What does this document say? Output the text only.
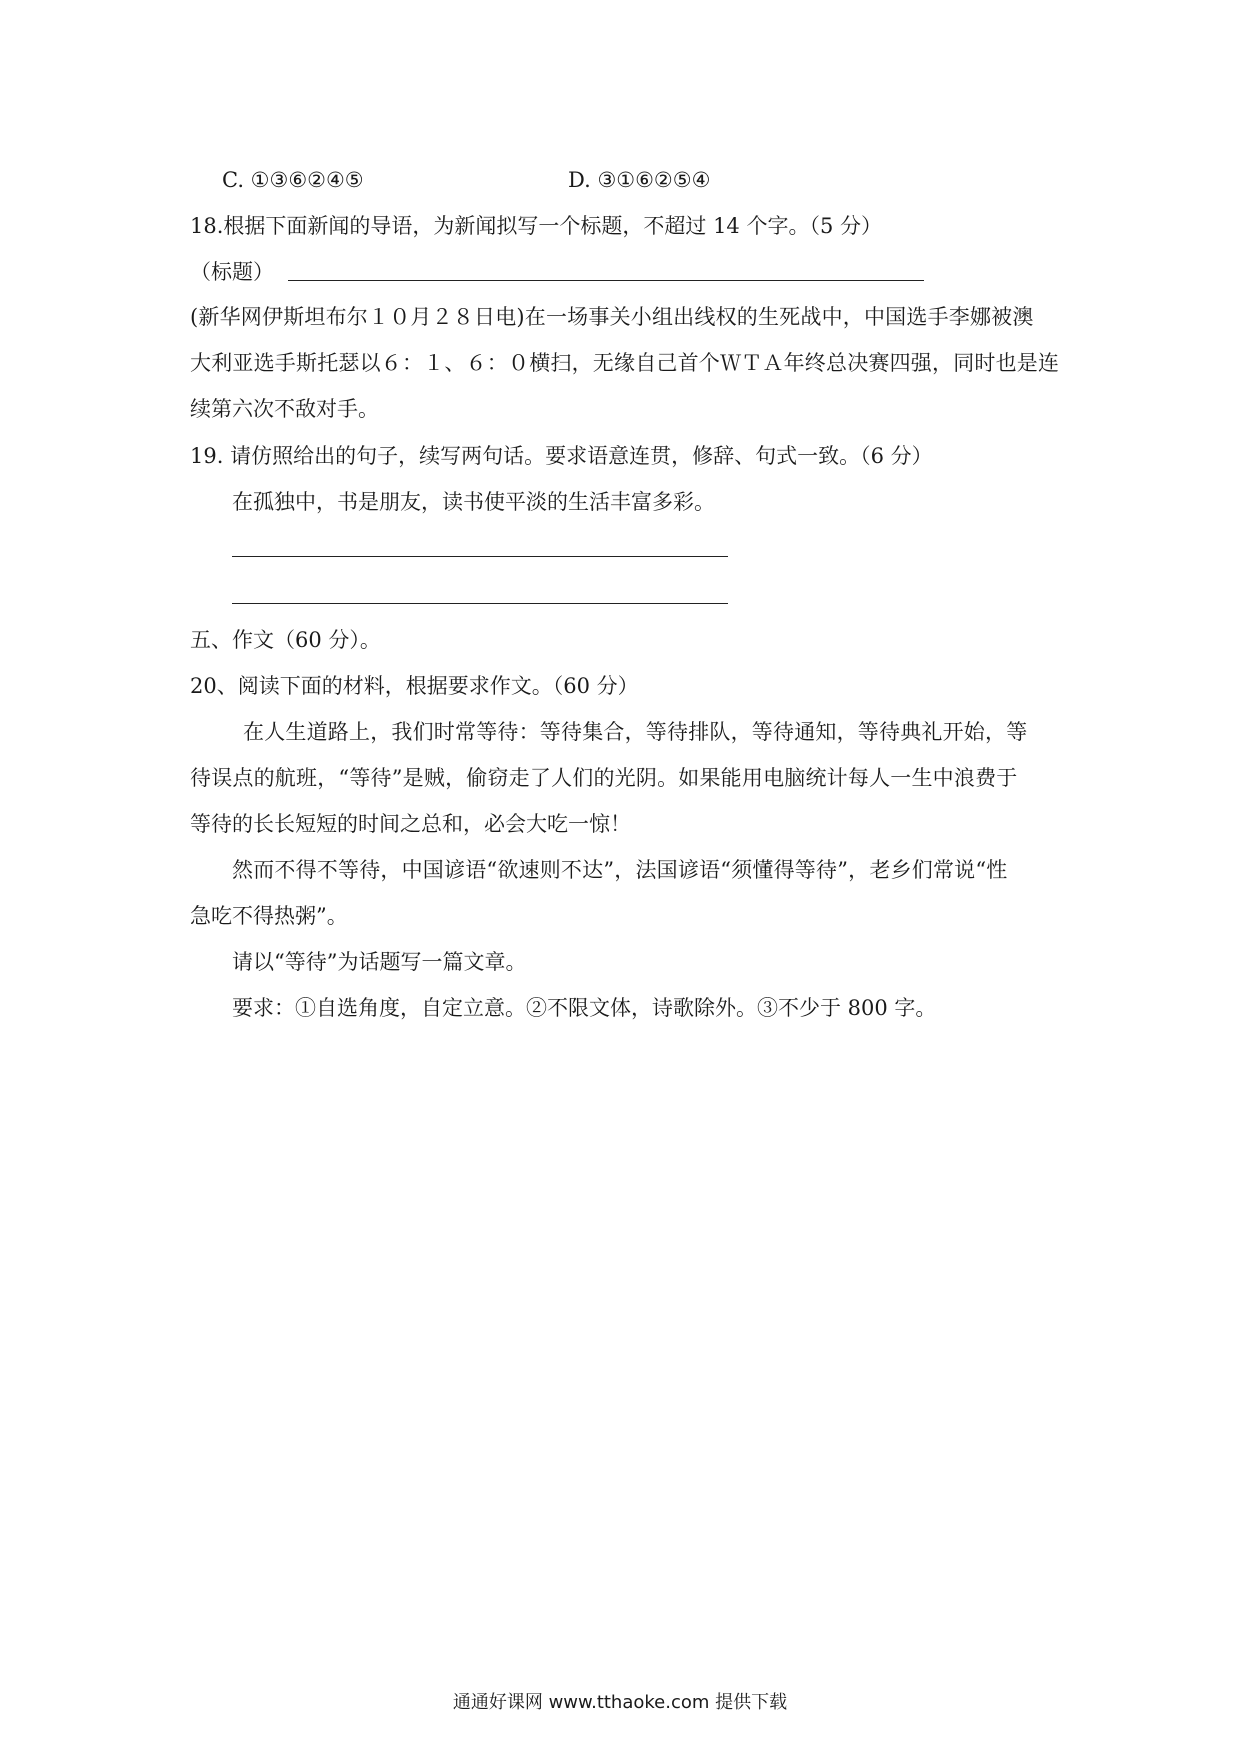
C. ①③⑥②④⑤	D. ③①⑥②⑤④
18.根据下面新闻的导语，为新闻拟写一个标题，不超过 14 个字。（5 分）
（标题）
(新华网伊斯坦布尔１０月２８日电)在一场事关小组出线权的生死战中，中国选手李娜被澳
大利亚选手斯托瑟以６：１、６：０横扫，无缘自己首个ＷＴＡ年终总决赛四强，同时也是连
续第六次不敌对手。
19. 请仿照给出的句子，续写两句话。要求语意连贯，修辞、句式一致。（6 分）
在孤独中，书是朋友，读书使平淡的生活丰富多彩。
五、作文（60 分）。
20、阅读下面的材料，根据要求作文。（60 分）
在人生道路上，我们时常等待：等待集合，等待排队，等待通知，等待典礼开始，等
待误点的航班，“等待”是贼，偷窃走了人们的光阴。如果能用电脑统计每人一生中浪费于
等待的长长短短的时间之总和，必会大吃一惊！
然而不得不等待，中国谚语“欲速则不达”，法国谚语“须懂得等待”，老乡们常说“性
急吃不得热粥”。
请以“等待”为话题写一篇文章。
要求：①自选角度，自定立意。②不限文体，诗歌除外。③不少于 800 字。
通通好课网 www.tthaoke.com 提供下载
